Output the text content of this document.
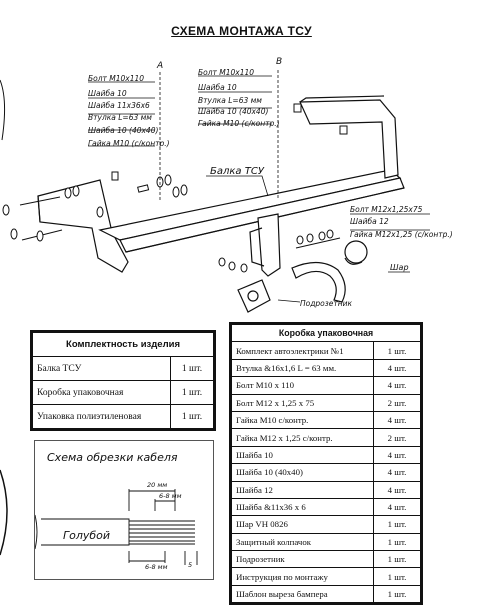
СХЕМА МОНТАЖА ТСУ
Болт М10х110
Шайба 10
Шайба 11х36х6
Втулка L=63 мм
Шайба 10 (40х40)
Гайка М10 (с/контр.)
Болт М10х110
Шайба 10
Втулка L=63 мм
Шайба 10 (40х40)
Гайка М10 (с/контр.)
Болт М12х1,25х75
Шайба 12
Гайка М12х1,25 (с/контр.)
А	В
Балка ТСУ
Шар
Подрозетник
Комплектность изделия	
Балка ТСУ	1 шт.
Коробка упаковочная	1 шт.
Упаковка полиэтиленовая	1 шт.
Коробка упаковочная	
Комплект автоэлектрики №1	1 шт.
Втулка &16х1,6 L = 63 мм.	4 шт.
Болт М10 х 110	4 шт.
Болт М12 х 1,25 х 75	2 шт.
Гайка М10 с/контр.	4 шт.
Гайка М12 х 1,25 с/контр.	2 шт.
Шайба 10	4 шт.
Шайба 10 (40х40)	4 шт.
Шайба 12	4 шт.
Шайба &11х36 х 6	4 шт.
Шар VH 0826	1 шт.
Защитный колпачок	1 шт.
Подрозетник	1 шт.
Инструкция по монтажу	1 шт.
Шаблон выреза бампера	1 шт.
Схема обрезки кабеля
20 мм
6-8 мм
6-8 мм	5
Голубой
